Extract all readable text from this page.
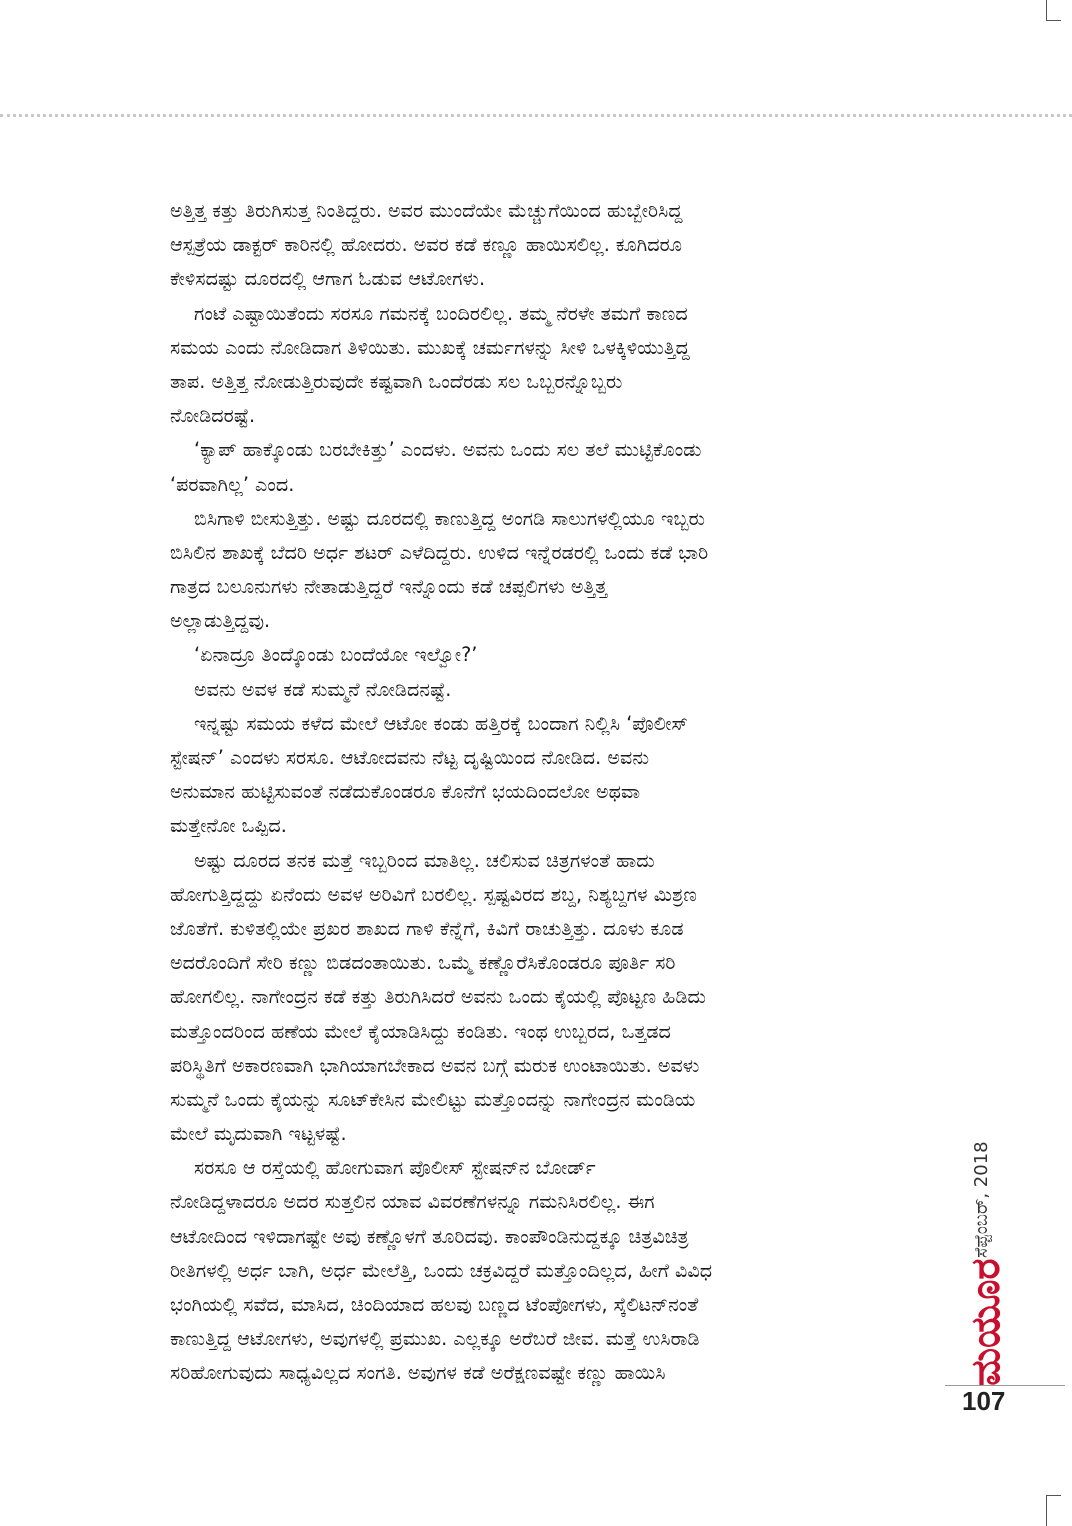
ಅತ್ತಿತ್ತ ಕತ್ತು ತಿರುಗಿಸುತ್ತ ನಿಂತಿದ್ದರು. ಅವರ ಮುಂದೆಯೇ ಮೆಚ್ಚುಗೆಯಿಂದ ಹುಬ್ಬೇರಿಸಿದ್ದ
ಆಸ್ಪತ್ರೆಯ ಡಾಕ್ಟರ್ ಕಾರಿನಲ್ಲಿ ಹೋದರು. ಅವರ ಕಡೆ ಕಣ್ಣೂ ಹಾಯಿಸಲಿಲ್ಲ. ಕೂಗಿದರೂ
ಕೇಳಿಸದಷ್ಟು ದೂರದಲ್ಲಿ ಆಗಾಗ ಓಡುವ ಆಟೋಗಳು.
ಗಂಟೆ ಎಷ್ಟಾಯಿತೆಂದು ಸರಸೂ ಗಮನಕ್ಕೆ ಬಂದಿರಲಿಲ್ಲ. ತಮ್ಮ ನೆರಳೇ ತಮಗೆ ಕಾಣದ
ಸಮಯ ಎಂದು ನೋಡಿದಾಗ ತಿಳಿಯಿತು. ಮುಖಕ್ಕೆ ಚರ್ಮಗಳನ್ನು ಸೀಳಿ ಒಳಕ್ಕಿಳಿಯುತ್ತಿದ್ದ
ತಾಪ. ಅತ್ತಿತ್ತ ನೋಡುತ್ತಿರುವುದೇ ಕಷ್ಟವಾಗಿ ಒಂದೆರಡು ಸಲ ಒಬ್ಬರನ್ನೊಬ್ಬರು
ನೋಡಿದರಷ್ಟೆ.
‘ಕ್ಯಾಪ್ ಹಾಕ್ಕೊಂಡು ಬರಬೇಕಿತ್ತು’ ಎಂದಳು. ಅವನು ಒಂದು ಸಲ ತಲೆ ಮುಟ್ಟಿಕೊಂಡು
‘ಪರವಾಗಿಲ್ಲ’ ಎಂದ.
ಬಿಸಿಗಾಳಿ ಬೀಸುತ್ತಿತ್ತು. ಅಷ್ಟು ದೂರದಲ್ಲಿ ಕಾಣುತ್ತಿದ್ದ ಅಂಗಡಿ ಸಾಲುಗಳಲ್ಲಿಯೂ ಇಬ್ಬರು
ಬಿಸಿಲಿನ ಶಾಖಕ್ಕೆ ಬೆದರಿ ಅರ್ಧ ಶಟರ್ ಎಳೆದಿದ್ದರು. ಉಳಿದ ಇನ್ನೆರಡರಲ್ಲಿ ಒಂದು ಕಡೆ ಭಾರಿ
ಗಾತ್ರದ ಬಲೂನುಗಳು ನೇತಾಡುತ್ತಿದ್ದರೆ ಇನ್ನೊಂದು ಕಡೆ ಚಪ್ಪಲಿಗಳು ಅತ್ತಿತ್ತ
ಅಲ್ಲಾಡುತ್ತಿದ್ದವು.
‘ಏನಾದ್ರೂ ತಿಂದ್ಕೊಂಡು ಬಂದೆಯೋ ಇಲ್ವೋ?’
ಅವನು ಅವಳ ಕಡೆ ಸುಮ್ಮನೆ ನೋಡಿದನಷ್ಟೆ.
ಇನ್ನಷ್ಟು ಸಮಯ ಕಳೆದ ಮೇಲೆ ಆಟೋ ಕಂಡು ಹತ್ತಿರಕ್ಕೆ ಬಂದಾಗ ನಿಲ್ಲಿಸಿ ‘ಪೊಲೀಸ್
ಸ್ಟೇಷನ್’ ಎಂದಳು ಸರಸೂ. ಆಟೋದವನು ನೆಟ್ಟ ದೃಷ್ಟಿಯಿಂದ ನೋಡಿದ. ಅವನು
ಅನುಮಾನ ಹುಟ್ಟಿಸುವಂತೆ ನಡೆದುಕೊಂಡರೂ ಕೊನೆಗೆ ಭಯದಿಂದಲೋ ಅಥವಾ
ಮತ್ತೇನೋ ಒಪ್ಪಿದ.
ಅಷ್ಟು ದೂರದ ತನಕ ಮತ್ತೆ ಇಬ್ಬರಿಂದ ಮಾತಿಲ್ಲ. ಚಲಿಸುವ ಚಿತ್ರಗಳಂತೆ ಹಾದು
ಹೋಗುತ್ತಿದ್ದದ್ದು ಏನೆಂದು ಅವಳ ಅರಿವಿಗೆ ಬರಲಿಲ್ಲ. ಸ್ಪಷ್ಟವಿರದ ಶಬ್ದ, ನಿಶ್ಯಬ್ದಗಳ ಮಿಶ್ರಣ
ಜೊತೆಗೆ. ಕುಳಿತಲ್ಲಿಯೇ ಪ್ರಖರ ಶಾಖದ ಗಾಳಿ ಕೆನ್ನೆಗೆ, ಕಿವಿಗೆ ರಾಚುತ್ತಿತ್ತು. ದೂಳು ಕೂಡ
ಅದರೊಂದಿಗೆ ಸೇರಿ ಕಣ್ಣು ಬಿಡದಂತಾಯಿತು. ಒಮ್ಮೆ ಕಣ್ಣೊರೆಸಿಕೊಂಡರೂ ಪೂರ್ತಿ ಸರಿ
ಹೋಗಲಿಲ್ಲ. ನಾಗೇಂದ್ರನ ಕಡೆ ಕತ್ತು ತಿರುಗಿಸಿದರೆ ಅವನು ಒಂದು ಕೈಯಲ್ಲಿ ಪೊಟ್ಟಣ ಹಿಡಿದು
ಮತ್ತೊಂದರಿಂದ ಹಣೆಯ ಮೇಲೆ ಕೈಯಾಡಿಸಿದ್ದು ಕಂಡಿತು. ಇಂಥ ಉಬ್ಬರದ, ಒತ್ತಡದ
ಪರಿಸ್ಥಿತಿಗೆ ಅಕಾರಣವಾಗಿ ಭಾಗಿಯಾಗಬೇಕಾದ ಅವನ ಬಗ್ಗೆ ಮರುಕ ಉಂಟಾಯಿತು. ಅವಳು
ಸುಮ್ಮನೆ ಒಂದು ಕೈಯನ್ನು ಸೂಟ್‌ಕೇಸಿನ ಮೇಲಿಟ್ಟು ಮತ್ತೊಂದನ್ನು ನಾಗೇಂದ್ರನ ಮಂಡಿಯ
ಮೇಲೆ ಮೃದುವಾಗಿ ಇಟ್ಟಳಷ್ಟೆ.
ಸರಸೂ ಆ ರಸ್ತೆಯಲ್ಲಿ ಹೋಗುವಾಗ ಪೊಲೀಸ್ ಸ್ಟೇಷನ್‌ನ ಬೋರ್ಡ್
ನೋಡಿದ್ದಳಾದರೂ ಅದರ ಸುತ್ತಲಿನ ಯಾವ ವಿವರಣೆಗಳನ್ನೂ ಗಮನಿಸಿರಲಿಲ್ಲ. ಈಗ
ಆಟೋದಿಂದ ಇಳಿದಾಗಷ್ಟೇ ಅವು ಕಣ್ಣೊಳಗೆ ತೂರಿದವು. ಕಾಂಪೌಂಡಿನುದ್ದಕ್ಕೂ ಚಿತ್ರವಿಚಿತ್ರ
ರೀತಿಗಳಲ್ಲಿ ಅರ್ಧ ಬಾಗಿ, ಅರ್ಧ ಮೇಲೆತ್ತಿ, ಒಂದು ಚಕ್ರವಿದ್ದರೆ ಮತ್ತೊಂದಿಲ್ಲದ, ಹೀಗೆ ವಿವಿಧ
ಭಂಗಿಯಲ್ಲಿ ಸವೆದ, ಮಾಸಿದ, ಚಿಂದಿಯಾದ ಹಲವು ಬಣ್ಣದ ಟೆಂಪೋಗಳು, ಸ್ಕೆಲಿಟನ್‌ನಂತೆ
ಕಾಣುತ್ತಿದ್ದ ಆಟೋಗಳು, ಅವುಗಳಲ್ಲಿ ಪ್ರಮುಖ. ಎಲ್ಲಕ್ಕೂ ಅರೆಬರೆ ಜೀವ. ಮತ್ತೆ ಉಸಿರಾಡಿ
ಸರಿಹೋಗುವುದು ಸಾಧ್ಯವಿಲ್ಲದ ಸಂಗತಿ. ಅವುಗಳ ಕಡೆ ಅರೆಕ್ಷಣವಷ್ಟೇ ಕಣ್ಣು ಹಾಯಿಸಿ
ಸೆಪ್ಟೆಂಬರ್, 2018
ಮಯೂರ
107
